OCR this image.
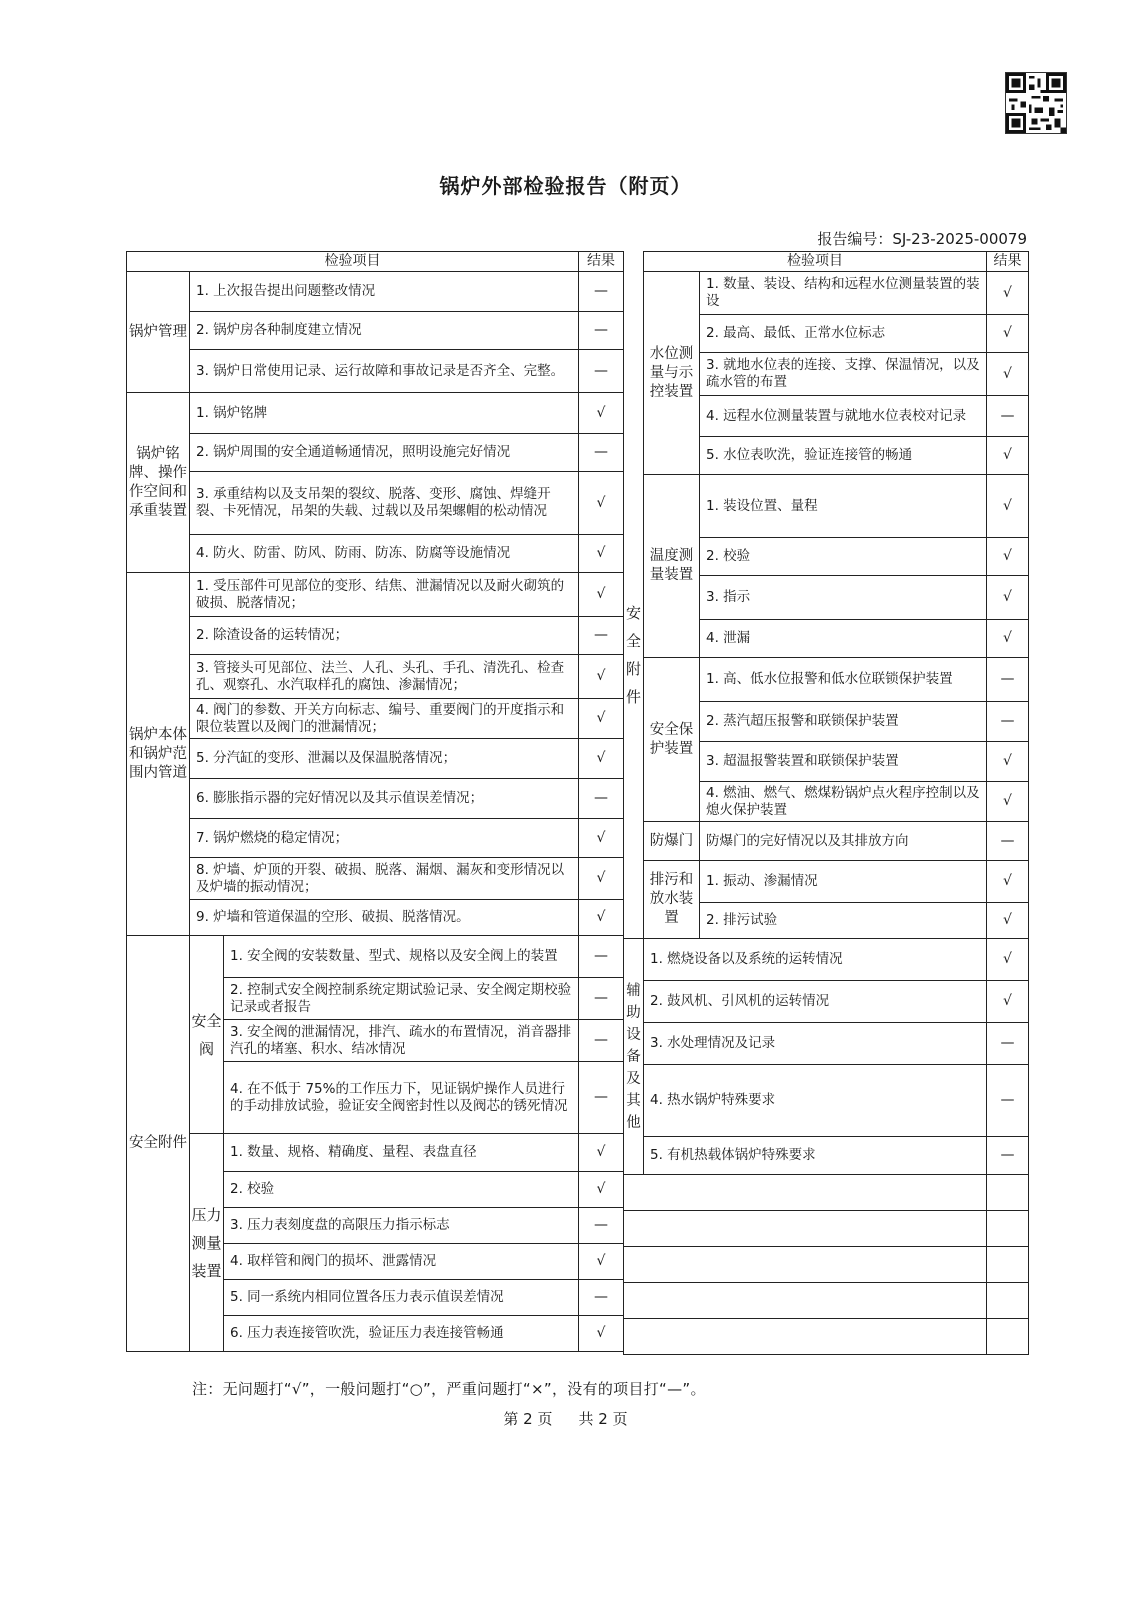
锅炉外部检验报告（附页）
报告编号：SJ-23-2025-00079
检验项目			结果
锅炉管理	1. 上次报告提出问题整改情况		—
	2. 锅炉房各种制度建立情况		—
	3. 锅炉日常使用记录、运行故障和事故记录是否齐全、完整。		—
锅炉铭牌、操作作空间和承重装置	1. 锅炉铭牌		√
	2. 锅炉周围的安全通道畅通情况，照明设施完好情况		—
	3. 承重结构以及支吊架的裂纹、脱落、变形、腐蚀、焊缝开裂、卡死情况，吊架的失载、过载以及吊架螺帽的松动情况		√
	4. 防火、防雷、防风、防雨、防冻、防腐等设施情况		√
锅炉本体和锅炉范围内管道	1. 受压部件可见部位的变形、结焦、泄漏情况以及耐火砌筑的破损、脱落情况；		√
	2. 除渣设备的运转情况；		—
	3. 管接头可见部位、法兰、人孔、头孔、手孔、清洗孔、检查孔、观察孔、水汽取样孔的腐蚀、渗漏情况；		√
	4. 阀门的参数、开关方向标志、编号、重要阀门的开度指示和限位装置以及阀门的泄漏情况；		√
	5. 分汽缸的变形、泄漏以及保温脱落情况；		√
	6. 膨胀指示器的完好情况以及其示值误差情况；		—
	7. 锅炉燃烧的稳定情况；		√
	8. 炉墙、炉顶的开裂、破损、脱落、漏烟、漏灰和变形情况以及炉墙的振动情况；		√
	9. 炉墙和管道保温的空形、破损、脱落情况。		√
安全附件	安全阀	1. 安全阀的安装数量、型式、规格以及安全阀上的装置	—
		2. 控制式安全阀控制系统定期试验记录、安全阀定期校验记录或者报告	—
		3. 安全阀的泄漏情况，排汽、疏水的布置情况，消音器排汽孔的堵塞、积水、结冰情况	—
		4. 在不低于 75%的工作压力下，见证锅炉操作人员进行的手动排放试验，验证安全阀密封性以及阀芯的锈死情况	—
	压力测量装置	1. 数量、规格、精确度、量程、表盘直径	√
		2. 校验	√
		3. 压力表刻度盘的高限压力指示标志	—
		4. 取样管和阀门的损坏、泄露情况	√
		5. 同一系统内相同位置各压力表示值误差情况	—
		6. 压力表连接管吹洗，验证压力表连接管畅通	√
安全附件	检验项目		结果
	水位测量与示控装置	1. 数量、装设、结构和远程水位测量装置的装设	√
		2. 最高、最低、正常水位标志	√
		3. 就地水位表的连接、支撑、保温情况，以及疏水管的布置	√
		4. 远程水位测量装置与就地水位表校对记录	—
		5. 水位表吹洗，验证连接管的畅通	√
	温度测量装置	1. 装设位置、量程	√
		2. 校验	√
		3. 指示	√
		4. 泄漏	√
	安全保护装置	1. 高、低水位报警和低水位联锁保护装置	—
		2. 蒸汽超压报警和联锁保护装置	—
		3. 超温报警装置和联锁保护装置	√
		4. 燃油、燃气、燃煤粉锅炉点火程序控制以及熄火保护装置	√
	防爆门	防爆门的完好情况以及其排放方向	—
	排污和放水装置	1. 振动、渗漏情况	√
		2. 排污试验	√
辅助设备及其他	1. 燃烧设备以及系统的运转情况		√
	2. 鼓风机、引风机的运转情况		√
	3. 水处理情况及记录		—
	4. 热水锅炉特殊要求		—
	5. 有机热载体锅炉特殊要求		—

注：无问题打“√”，一般问题打“○”，严重问题打“×”，没有的项目打“—”。
第 2 页 共 2 页
